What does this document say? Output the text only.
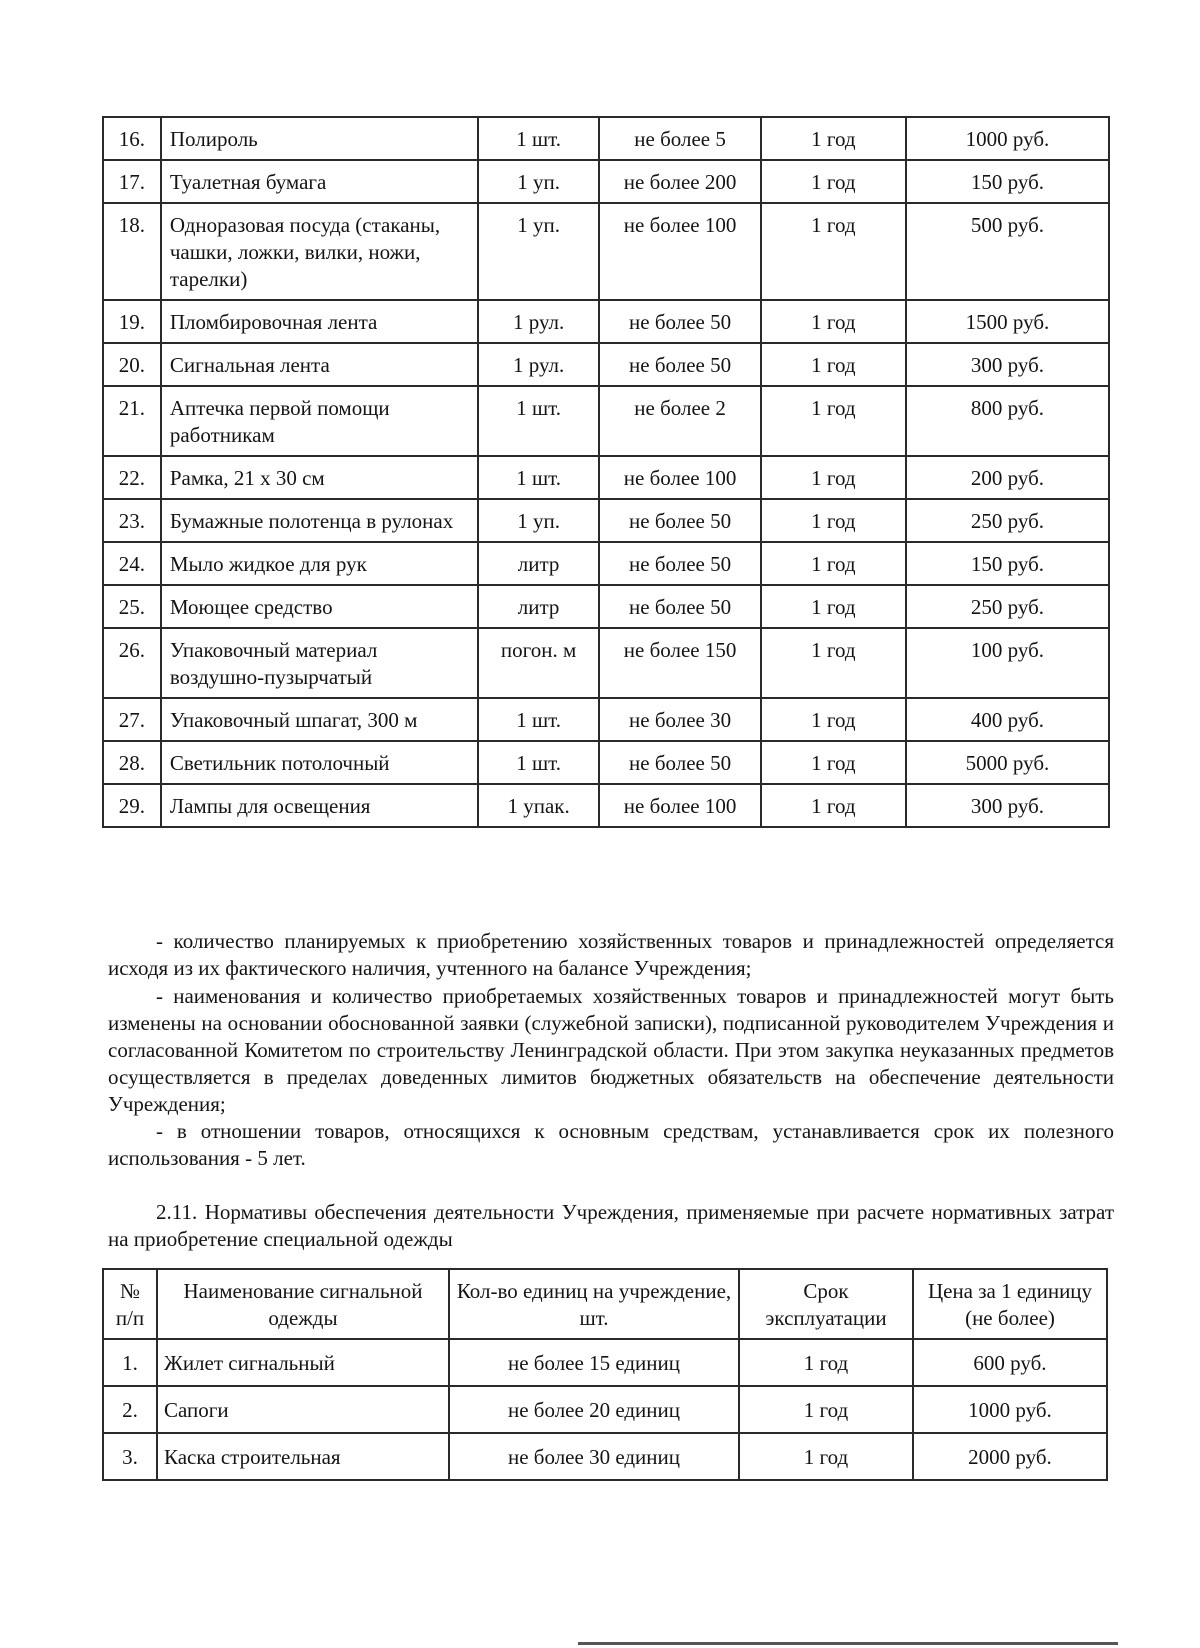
16.	Полироль	1 шт.	не более 5	1 год	1000 руб.
17.	Туалетная бумага	1 уп.	не более 200	1 год	150 руб.
18.	Одноразовая посуда (стаканы, чашки, ложки, вилки, ножи, тарелки)	1 уп.	не более 100	1 год	500 руб.
19.	Пломбировочная лента	1 рул.	не более 50	1 год	1500 руб.
20.	Сигнальная лента	1 рул.	не более 50	1 год	300 руб.
21.	Аптечка первой помощи работникам	1 шт.	не более 2	1 год	800 руб.
22.	Рамка, 21 х 30 см	1 шт.	не более 100	1 год	200 руб.
23.	Бумажные полотенца в рулонах	1 уп.	не более 50	1 год	250 руб.
24.	Мыло жидкое для рук	литр	не более 50	1 год	150 руб.
25.	Моющее средство	литр	не более 50	1 год	250 руб.
26.	Упаковочный материал воздушно-пузырчатый	погон. м	не более 150	1 год	100 руб.
27.	Упаковочный шпагат, 300 м	1 шт.	не более 30	1 год	400 руб.
28.	Светильник потолочный	1 шт.	не более 50	1 год	5000 руб.
29.	Лампы для освещения	1 упак.	не более 100	1 год	300 руб.

- количество планируемых к приобретению хозяйственных товаров и принадлежностей определяется исходя из их фактического наличия, учтенного на балансе Учреждения;

- наименования и количество приобретаемых хозяйственных товаров и принадлежностей могут быть изменены на основании обоснованной заявки (служебной записки), подписанной руководителем Учреждения и согласованной Комитетом по строительству Ленинградской области. При этом закупка неуказанных предметов осуществляется в пределах доведенных лимитов бюджетных обязательств на обеспечение деятельности Учреждения;

- в отношении товаров, относящихся к основным средствам, устанавливается срок их полезного использования - 5 лет.

2.11. Нормативы обеспечения деятельности Учреждения, применяемые при расчете нормативных затрат на приобретение специальной одежды

№ п/п	Наименование сигнальной одежды	Кол-во единиц на учреждение, шт.	Срок эксплуатации	Цена за 1 единицу (не более)
1.	Жилет сигнальный	не более 15 единиц	1 год	600 руб.
2.	Сапоги	не более 20 единиц	1 год	1000 руб.
3.	Каска строительная	не более 30 единиц	1 год	2000 руб.
